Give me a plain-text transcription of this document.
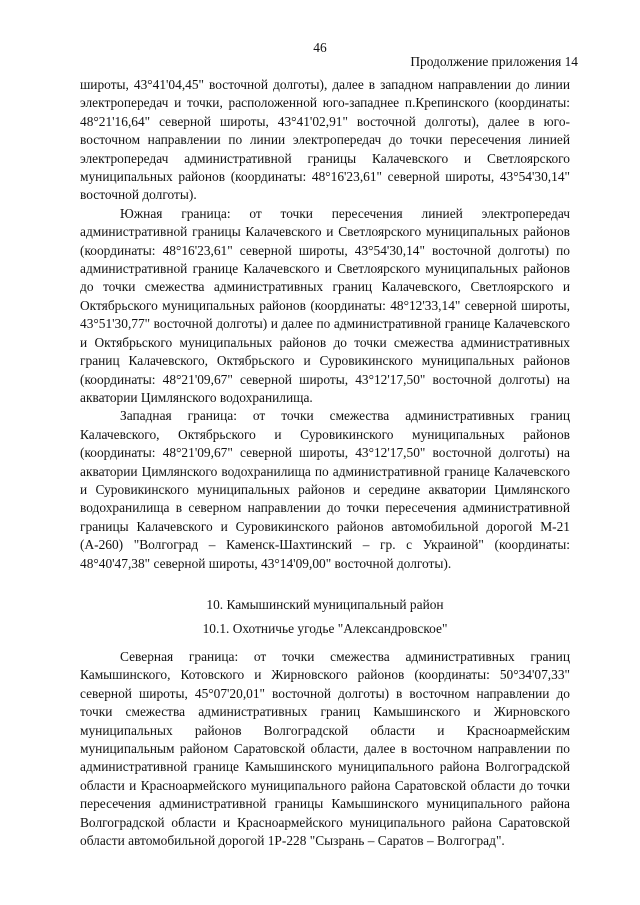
46
Продолжение приложения 14

широты, 43°41'04,45" восточной долготы), далее в западном направлении до линии электропередач и точки, расположенной юго-западнее п.Крепинского (координаты: 48°21'16,64" северной широты, 43°41'02,91" восточной долготы), далее в юго-восточном направлении по линии электропередач до точки пересечения линией электропередач административной границы Калачевского и Светлоярского муниципальных районов (координаты: 48°16'23,61" северной широты, 43°54'30,14" восточной долготы).

Южная граница: от точки пересечения линией электропередач административной границы Калачевского и Светлоярского муниципальных районов (координаты: 48°16'23,61" северной широты, 43°54'30,14" восточной долготы) по административной границе Калачевского и Светлоярского муниципальных районов до точки смежества административных границ Калачевского, Светлоярского и Октябрьского муниципальных районов (координаты: 48°12'33,14" северной широты, 43°51'30,77" восточной долготы) и далее по административной границе Калачевского и Октябрьского муниципальных районов до точки смежества административных границ Калачевского, Октябрьского и Суровикинского муниципальных районов (координаты: 48°21'09,67" северной широты, 43°12'17,50" восточной долготы) на акватории Цимлянского водохранилища.

Западная граница: от точки смежества административных границ Калачевского, Октябрьского и Суровикинского муниципальных районов (координаты: 48°21'09,67" северной широты, 43°12'17,50" восточной долготы) на акватории Цимлянского водохранилища по административной границе Калачевского и Суровикинского муниципальных районов и середине акватории Цимлянского водохранилища в северном направлении до точки пересечения административной границы Калачевского и Суровикинского районов автомобильной дорогой М-21 (А-260) "Волгоград – Каменск-Шахтинский – гр. с Украиной" (координаты: 48°40'47,38" северной широты, 43°14'09,00" восточной долготы).

10. Камышинский муниципальный район
10.1. Охотничье угодье "Александровское"

Северная граница: от точки смежества административных границ Камышинского, Котовского и Жирновского районов (координаты: 50°34'07,33" северной широты, 45°07'20,01" восточной долготы) в восточном направлении до точки смежества административных границ Камышинского и Жирновского муниципальных районов Волгоградской области и Красноармейским муниципальным районом Саратовской области, далее в восточном направлении по административной границе Камышинского муниципального района Волгоградской области и Красноармейского муниципального района Саратовской области до точки пересечения административной границы Камышинского муниципального района Волгоградской области и Красноармейского муниципального района Саратовской области автомобильной дорогой 1Р-228 "Сызрань – Саратов – Волгоград".
